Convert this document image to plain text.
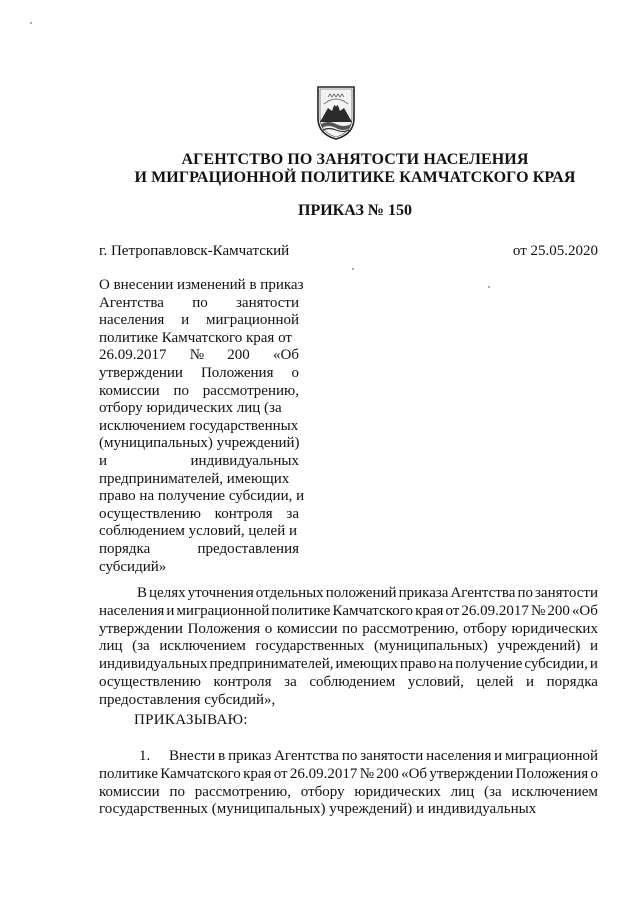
АГЕНТСТВО ПО ЗАНЯТОСТИ НАСЕЛЕНИЯ
И МИГРАЦИОННОЙ ПОЛИТИКЕ КАМЧАТСКОГО КРАЯ
ПРИКАЗ № 150
г. Петропавловск-Камчатский	от 25.05.2020
О внесении изменений в приказ
Агентства по занятости
населения и миграционной
политике Камчатского края от
26.09.2017 № 200 «Об
утверждении Положения о
комиссии по рассмотрению,
отбору юридических лиц (за
исключением государственных
(муниципальных) учреждений)
и	индивидуальных
предпринимателей, имеющих
право на получение субсидии, и
осуществлению контроля за
соблюдением условий, целей и
порядка	предоставления
субсидий»
В целях уточнения отдельных положений приказа Агентства по занятости
населения и миграционной политике Камчатского края от 26.09.2017 № 200 «Об
утверждении Положения о комиссии по рассмотрению, отбору юридических
лиц (за исключением государственных (муниципальных) учреждений) и
индивидуальных предпринимателей, имеющих право на получение субсидии, и
осуществлению контроля за соблюдением условий, целей и порядка
предоставления субсидий»,
ПРИКАЗЫВАЮ:
1.	Внести в приказ Агентства по занятости населения и миграционной
политике Камчатского края от 26.09.2017 № 200 «Об утверждении Положения о
комиссии по рассмотрению, отбору юридических лиц (за исключением
государственных (муниципальных) учреждений) и индивидуальных
